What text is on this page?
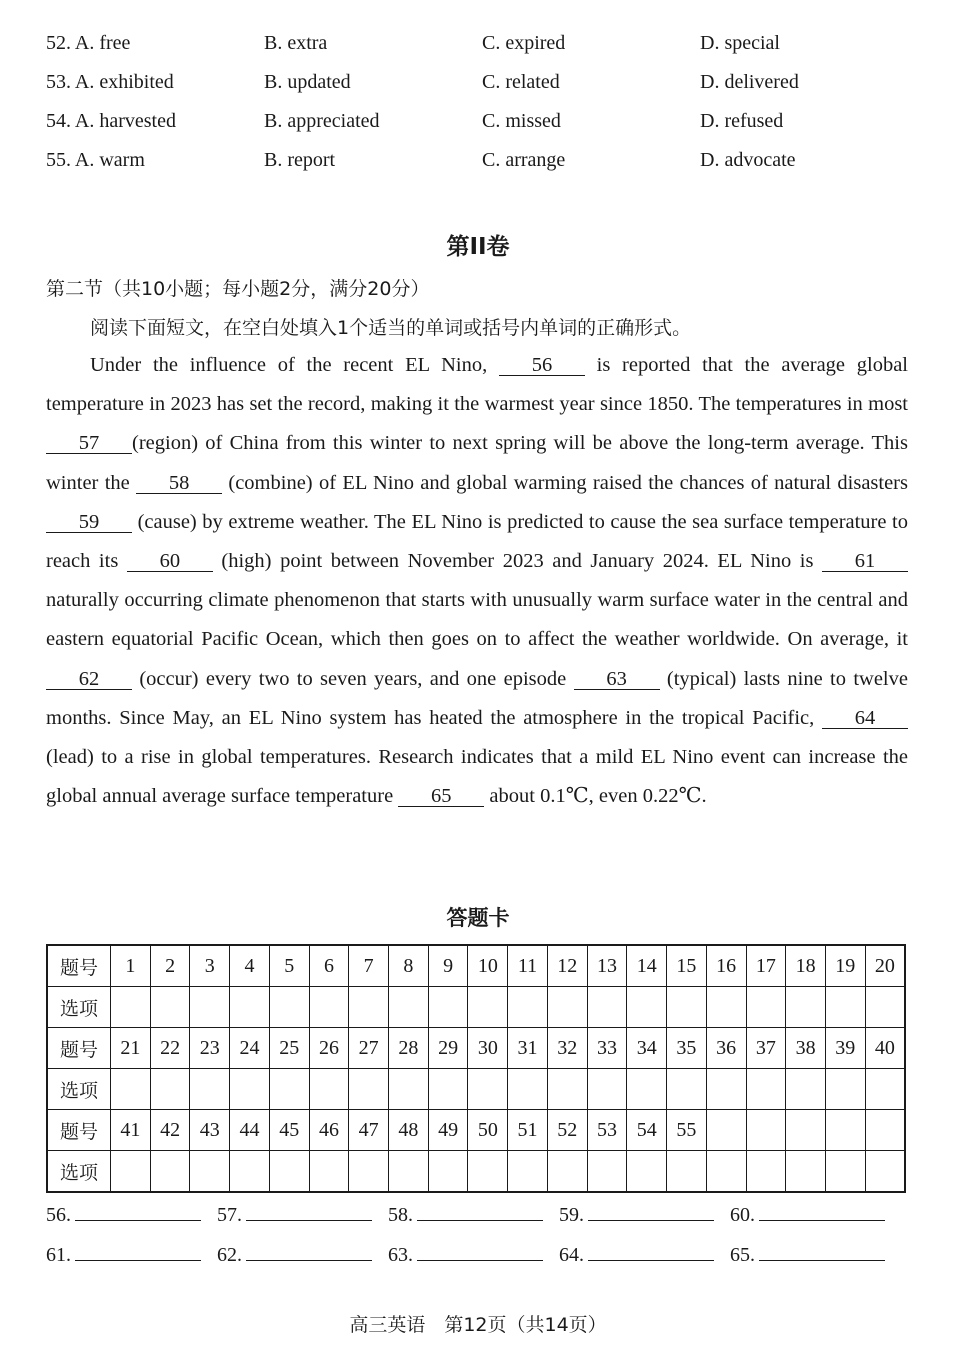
52. A. free	B. extra	C. expired	D. special
53. A. exhibited	B. updated	C. related	D. delivered
54. A. harvested	B. appreciated	C. missed	D. refused
55. A. warm	B. report	C. arrange	D. advocate
第II卷
第二节（共10小题；每小题2分，满分20分）
阅读下面短文，在空白处填入1个适当的单词或括号内单词的正确形式。
Under the influence of the recent EL Nino, 56 is reported that the average global temperature in 2023 has set the record, making it the warmest year since 1850. The temperatures in most 57 (region) of China from this winter to next spring will be above the long-term average. This winter the 58 (combine) of EL Nino and global warming raised the chances of natural disasters 59 (cause) by extreme weather. The EL Nino is predicted to cause the sea surface temperature to reach its 60 (high) point between November 2023 and January 2024. EL Nino is 61 naturally occurring climate phenomenon that starts with unusually warm surface water in the central and eastern equatorial Pacific Ocean, which then goes on to affect the weather worldwide. On average, it 62 (occur) every two to seven years, and one episode 63 (typical) lasts nine to twelve months. Since May, an EL Nino system has heated the atmosphere in the tropical Pacific, 64 (lead) to a rise in global temperatures. Research indicates that a mild EL Nino event can increase the global annual average surface temperature 65 about 0.1℃, even 0.22℃.
答题卡
题号	1	2	3	4	5	6	7	8	9	10	11	12	13	14	15	16	17	18	19	20
选项																				
题号	21	22	23	24	25	26	27	28	29	30	31	32	33	34	35	36	37	38	39	40
选项																				
题号	41	42	43	44	45	46	47	48	49	50	51	52	53	54	55					
选项																				
56.	57.	58.	59.	60.
61.	62.	63.	64.	65.
高三英语　第12页（共14页）
